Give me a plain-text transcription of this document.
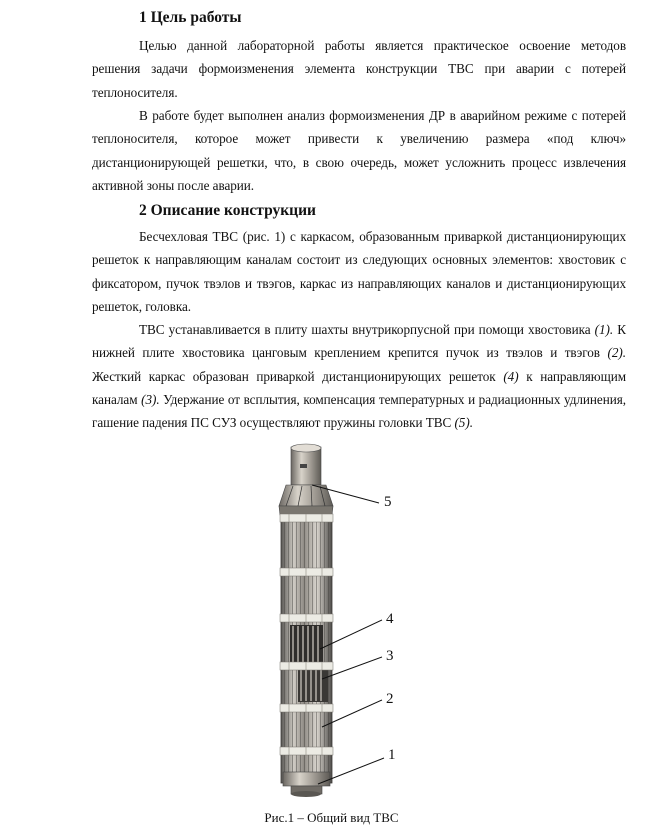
1 Цель работы

Целью данной лабораторной работы является практическое освоение методов решения задачи формоизменения элемента конструкции ТВС при аварии с потерей теплоносителя.

В работе будет выполнен анализ формоизменения ДР в аварийном режиме с потерей теплоносителя, которое может привести к увеличению размера «под ключ» дистанционирующей решетки, что, в свою очередь, может усложнить процесс извлечения активной зоны после аварии.

2 Описание конструкции

Бесчехловая ТВС (рис. 1) с каркасом, образованным приваркой дистанционирующих решеток к направляющим каналам состоит из следующих основных элементов: хвостовик с фиксатором, пучок твэлов и твэгов, каркас из направляющих каналов и дистанционирующих решеток, головка.

ТВС устанавливается в плиту шахты внутрикорпусной при помощи хвостовика (1). К нижней плите хвостовика цанговым креплением крепится пучок из твэлов и твэгов (2). Жесткий каркас образован приваркой дистанционирующих решеток (4) к направляющим каналам (3). Удержание от всплытия, компенсация температурных и радиационных удлинения, гашение падения ПС СУЗ осуществляют пружины головки ТВС (5).

5
4
3
2
1
Рис.1 – Общий вид ТВС
